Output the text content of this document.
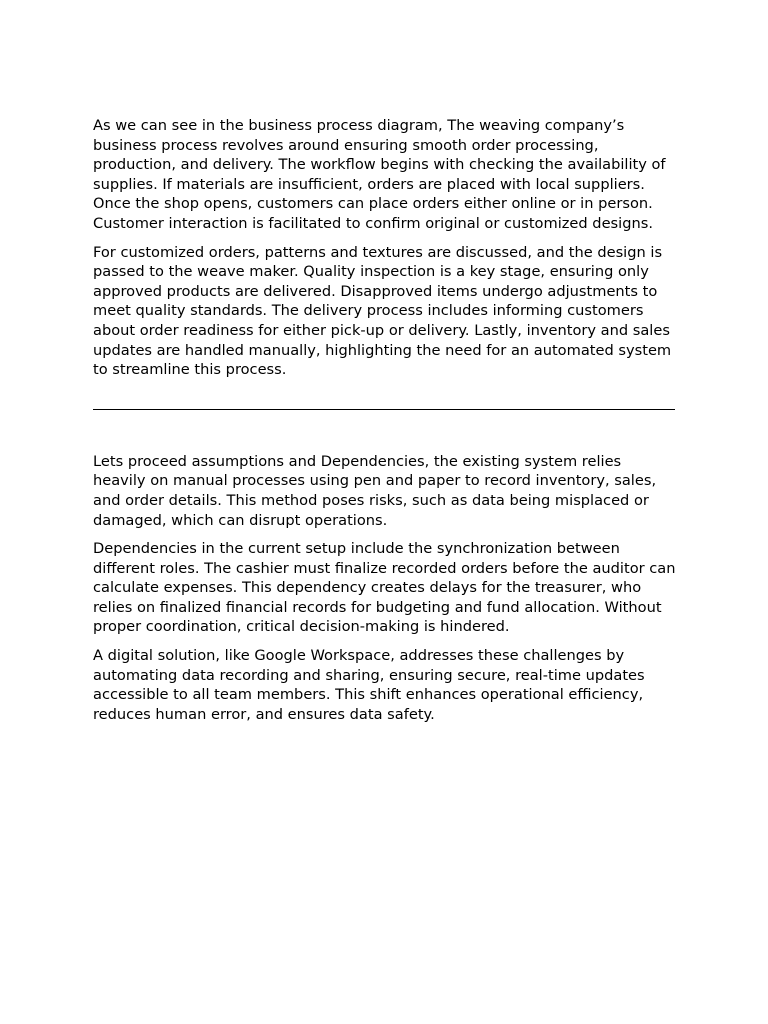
As we can see in the business process diagram, The weaving company’s business process revolves around ensuring smooth order processing, production, and delivery. The workflow begins with checking the availability of supplies. If materials are insufficient, orders are placed with local suppliers. Once the shop opens, customers can place orders either online or in person. Customer interaction is facilitated to confirm original or customized designs.

For customized orders, patterns and textures are discussed, and the design is passed to the weave maker. Quality inspection is a key stage, ensuring only approved products are delivered. Disapproved items undergo adjustments to meet quality standards. The delivery process includes informing customers about order readiness for either pick-up or delivery. Lastly, inventory and sales updates are handled manually, highlighting the need for an automated system to streamline this process.

Lets proceed assumptions and Dependencies, the existing system relies heavily on manual processes using pen and paper to record inventory, sales, and order details. This method poses risks, such as data being misplaced or damaged, which can disrupt operations.

Dependencies in the current setup include the synchronization between different roles. The cashier must finalize recorded orders before the auditor can calculate expenses. This dependency creates delays for the treasurer, who relies on finalized financial records for budgeting and fund allocation. Without proper coordination, critical decision-making is hindered.

A digital solution, like Google Workspace, addresses these challenges by automating data recording and sharing, ensuring secure, real-time updates accessible to all team members. This shift enhances operational efficiency, reduces human error, and ensures data safety.
